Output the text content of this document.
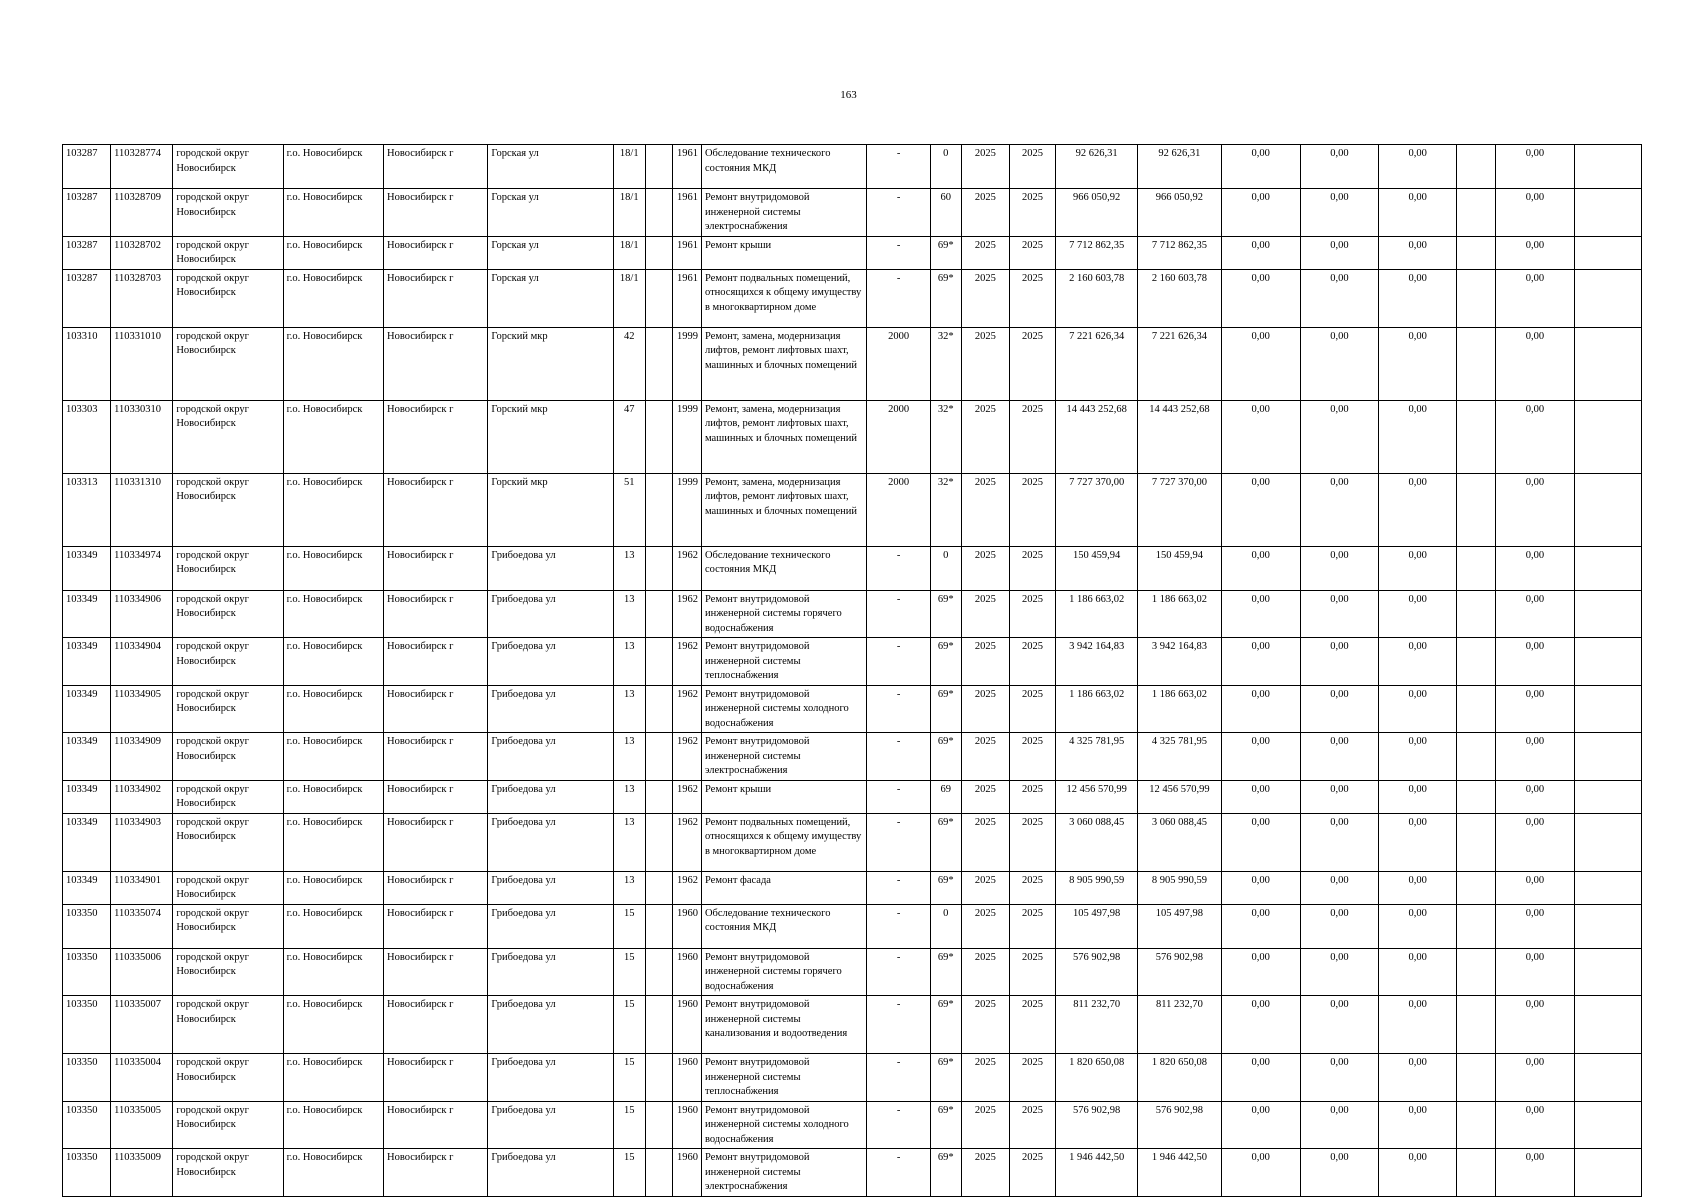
163
103287	110328774	городской округ Новосибирск	г.о. Новосибирск	Новосибирск г	Горская ул	18/1		1961	Обследование технического состояния МКД	-	0	2025	2025	92 626,31	92 626,31	0,00	0,00	0,00		0,00	
103287	110328709	городской округ Новосибирск	г.о. Новосибирск	Новосибирск г	Горская ул	18/1		1961	Ремонт внутридомовой инженерной системы электроснабжения	-	60	2025	2025	966 050,92	966 050,92	0,00	0,00	0,00		0,00	
103287	110328702	городской округ Новосибирск	г.о. Новосибирск	Новосибирск г	Горская ул	18/1		1961	Ремонт крыши	-	69*	2025	2025	7 712 862,35	7 712 862,35	0,00	0,00	0,00		0,00	
103287	110328703	городской округ Новосибирск	г.о. Новосибирск	Новосибирск г	Горская ул	18/1		1961	Ремонт подвальных помещений, относящихся к общему имуществу в многоквартирном доме	-	69*	2025	2025	2 160 603,78	2 160 603,78	0,00	0,00	0,00		0,00	
103310	110331010	городской округ Новосибирск	г.о. Новосибирск	Новосибирск г	Горский мкр	42		1999	Ремонт, замена, модернизация лифтов, ремонт лифтовых шахт, машинных и блочных помещений	2000	32*	2025	2025	7 221 626,34	7 221 626,34	0,00	0,00	0,00		0,00	
103303	110330310	городской округ Новосибирск	г.о. Новосибирск	Новосибирск г	Горский мкр	47		1999	Ремонт, замена, модернизация лифтов, ремонт лифтовых шахт, машинных и блочных помещений	2000	32*	2025	2025	14 443 252,68	14 443 252,68	0,00	0,00	0,00		0,00	
103313	110331310	городской округ Новосибирск	г.о. Новосибирск	Новосибирск г	Горский мкр	51		1999	Ремонт, замена, модернизация лифтов, ремонт лифтовых шахт, машинных и блочных помещений	2000	32*	2025	2025	7 727 370,00	7 727 370,00	0,00	0,00	0,00		0,00	
103349	110334974	городской округ Новосибирск	г.о. Новосибирск	Новосибирск г	Грибоедова ул	13		1962	Обследование технического состояния МКД	-	0	2025	2025	150 459,94	150 459,94	0,00	0,00	0,00		0,00	
103349	110334906	городской округ Новосибирск	г.о. Новосибирск	Новосибирск г	Грибоедова ул	13		1962	Ремонт внутридомовой инженерной системы горячего водоснабжения	-	69*	2025	2025	1 186 663,02	1 186 663,02	0,00	0,00	0,00		0,00	
103349	110334904	городской округ Новосибирск	г.о. Новосибирск	Новосибирск г	Грибоедова ул	13		1962	Ремонт внутридомовой инженерной системы теплоснабжения	-	69*	2025	2025	3 942 164,83	3 942 164,83	0,00	0,00	0,00		0,00	
103349	110334905	городской округ Новосибирск	г.о. Новосибирск	Новосибирск г	Грибоедова ул	13		1962	Ремонт внутридомовой инженерной системы холодного водоснабжения	-	69*	2025	2025	1 186 663,02	1 186 663,02	0,00	0,00	0,00		0,00	
103349	110334909	городской округ Новосибирск	г.о. Новосибирск	Новосибирск г	Грибоедова ул	13		1962	Ремонт внутридомовой инженерной системы электроснабжения	-	69*	2025	2025	4 325 781,95	4 325 781,95	0,00	0,00	0,00		0,00	
103349	110334902	городской округ Новосибирск	г.о. Новосибирск	Новосибирск г	Грибоедова ул	13		1962	Ремонт крыши	-	69	2025	2025	12 456 570,99	12 456 570,99	0,00	0,00	0,00		0,00	
103349	110334903	городской округ Новосибирск	г.о. Новосибирск	Новосибирск г	Грибоедова ул	13		1962	Ремонт подвальных помещений, относящихся к общему имуществу в многоквартирном доме	-	69*	2025	2025	3 060 088,45	3 060 088,45	0,00	0,00	0,00		0,00	
103349	110334901	городской округ Новосибирск	г.о. Новосибирск	Новосибирск г	Грибоедова ул	13		1962	Ремонт фасада	-	69*	2025	2025	8 905 990,59	8 905 990,59	0,00	0,00	0,00		0,00	
103350	110335074	городской округ Новосибирск	г.о. Новосибирск	Новосибирск г	Грибоедова ул	15		1960	Обследование технического состояния МКД	-	0	2025	2025	105 497,98	105 497,98	0,00	0,00	0,00		0,00	
103350	110335006	городской округ Новосибирск	г.о. Новосибирск	Новосибирск г	Грибоедова ул	15		1960	Ремонт внутридомовой инженерной системы горячего водоснабжения	-	69*	2025	2025	576 902,98	576 902,98	0,00	0,00	0,00		0,00	
103350	110335007	городской округ Новосибирск	г.о. Новосибирск	Новосибирск г	Грибоедова ул	15		1960	Ремонт внутридомовой инженерной системы канализования и водоотведения	-	69*	2025	2025	811 232,70	811 232,70	0,00	0,00	0,00		0,00	
103350	110335004	городской округ Новосибирск	г.о. Новосибирск	Новосибирск г	Грибоедова ул	15		1960	Ремонт внутридомовой инженерной системы теплоснабжения	-	69*	2025	2025	1 820 650,08	1 820 650,08	0,00	0,00	0,00		0,00	
103350	110335005	городской округ Новосибирск	г.о. Новосибирск	Новосибирск г	Грибоедова ул	15		1960	Ремонт внутридомовой инженерной системы холодного водоснабжения	-	69*	2025	2025	576 902,98	576 902,98	0,00	0,00	0,00		0,00	
103350	110335009	городской округ Новосибирск	г.о. Новосибирск	Новосибирск г	Грибоедова ул	15		1960	Ремонт внутридомовой инженерной системы электроснабжения	-	69*	2025	2025	1 946 442,50	1 946 442,50	0,00	0,00	0,00		0,00	
